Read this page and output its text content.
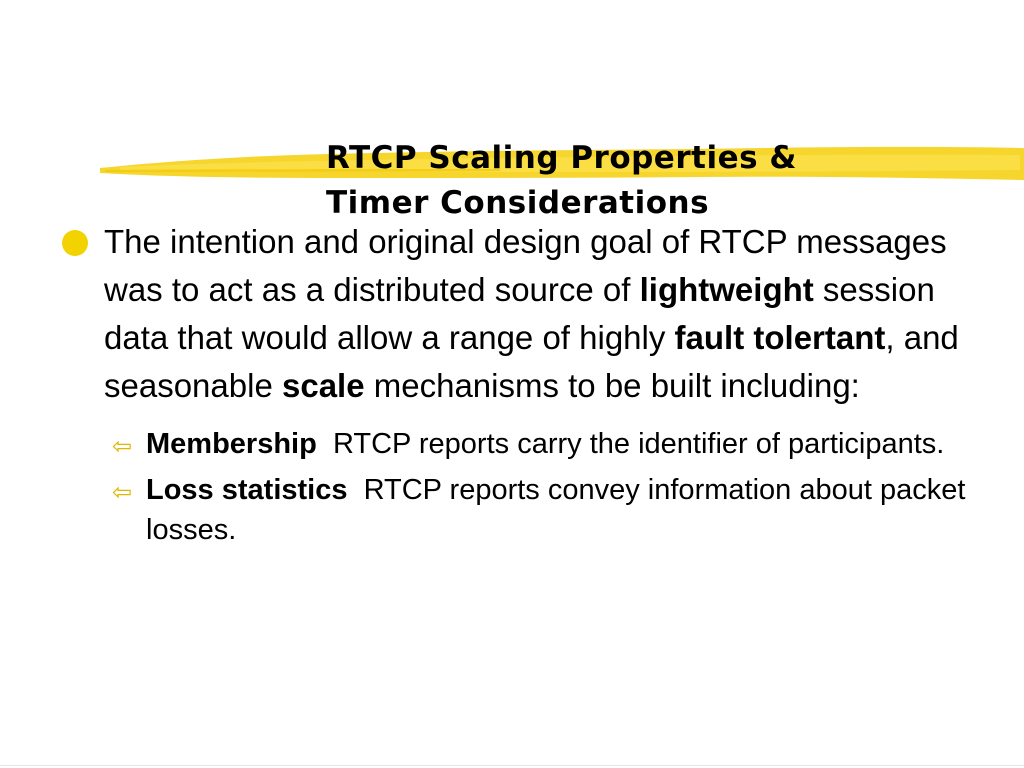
RTCP Scaling Properties &
Timer Considerations

The intention and original design goal of RTCP messages was to act as a distributed source of lightweight session data that would allow a range of highly fault tolertant, and seasonable scale mechanisms to be built including:

⇦ Membership  RTCP reports carry the identifier of participants.

⇦ Loss statistics  RTCP reports convey information about packet losses.
